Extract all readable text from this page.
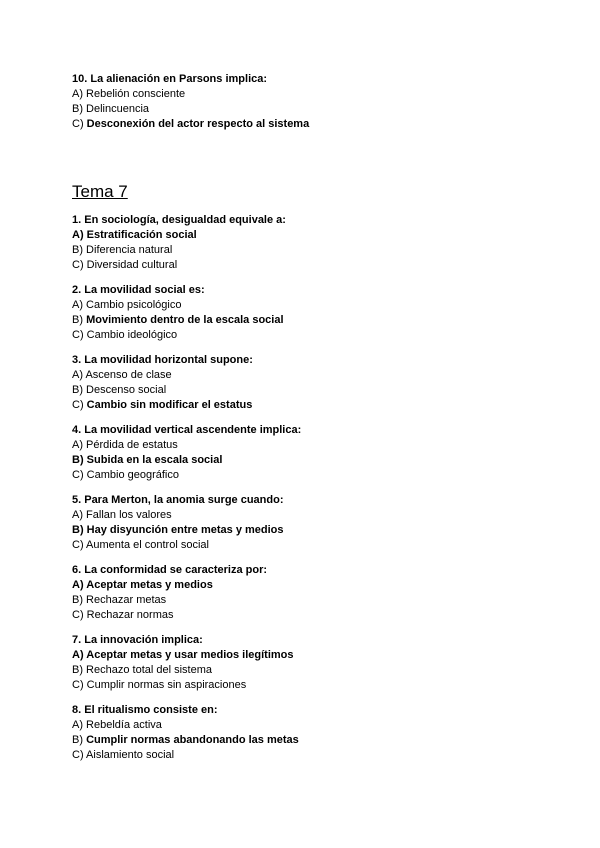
10. La alienación en Parsons implica:
A) Rebelión consciente
B) Delincuencia
C) Desconexión del actor respecto al sistema
Tema 7
1. En sociología, desigualdad equivale a:
A) Estratificación social
B) Diferencia natural
C) Diversidad cultural
2. La movilidad social es:
A) Cambio psicológico
B) Movimiento dentro de la escala social
C) Cambio ideológico
3. La movilidad horizontal supone:
A) Ascenso de clase
B) Descenso social
C) Cambio sin modificar el estatus
4. La movilidad vertical ascendente implica:
A) Pérdida de estatus
B) Subida en la escala social
C) Cambio geográfico
5. Para Merton, la anomia surge cuando:
A) Fallan los valores
B) Hay disyunción entre metas y medios
C) Aumenta el control social
6. La conformidad se caracteriza por:
A) Aceptar metas y medios
B) Rechazar metas
C) Rechazar normas
7. La innovación implica:
A) Aceptar metas y usar medios ilegítimos
B) Rechazo total del sistema
C) Cumplir normas sin aspiraciones
8. El ritualismo consiste en:
A) Rebeldía activa
B) Cumplir normas abandonando las metas
C) Aislamiento social
